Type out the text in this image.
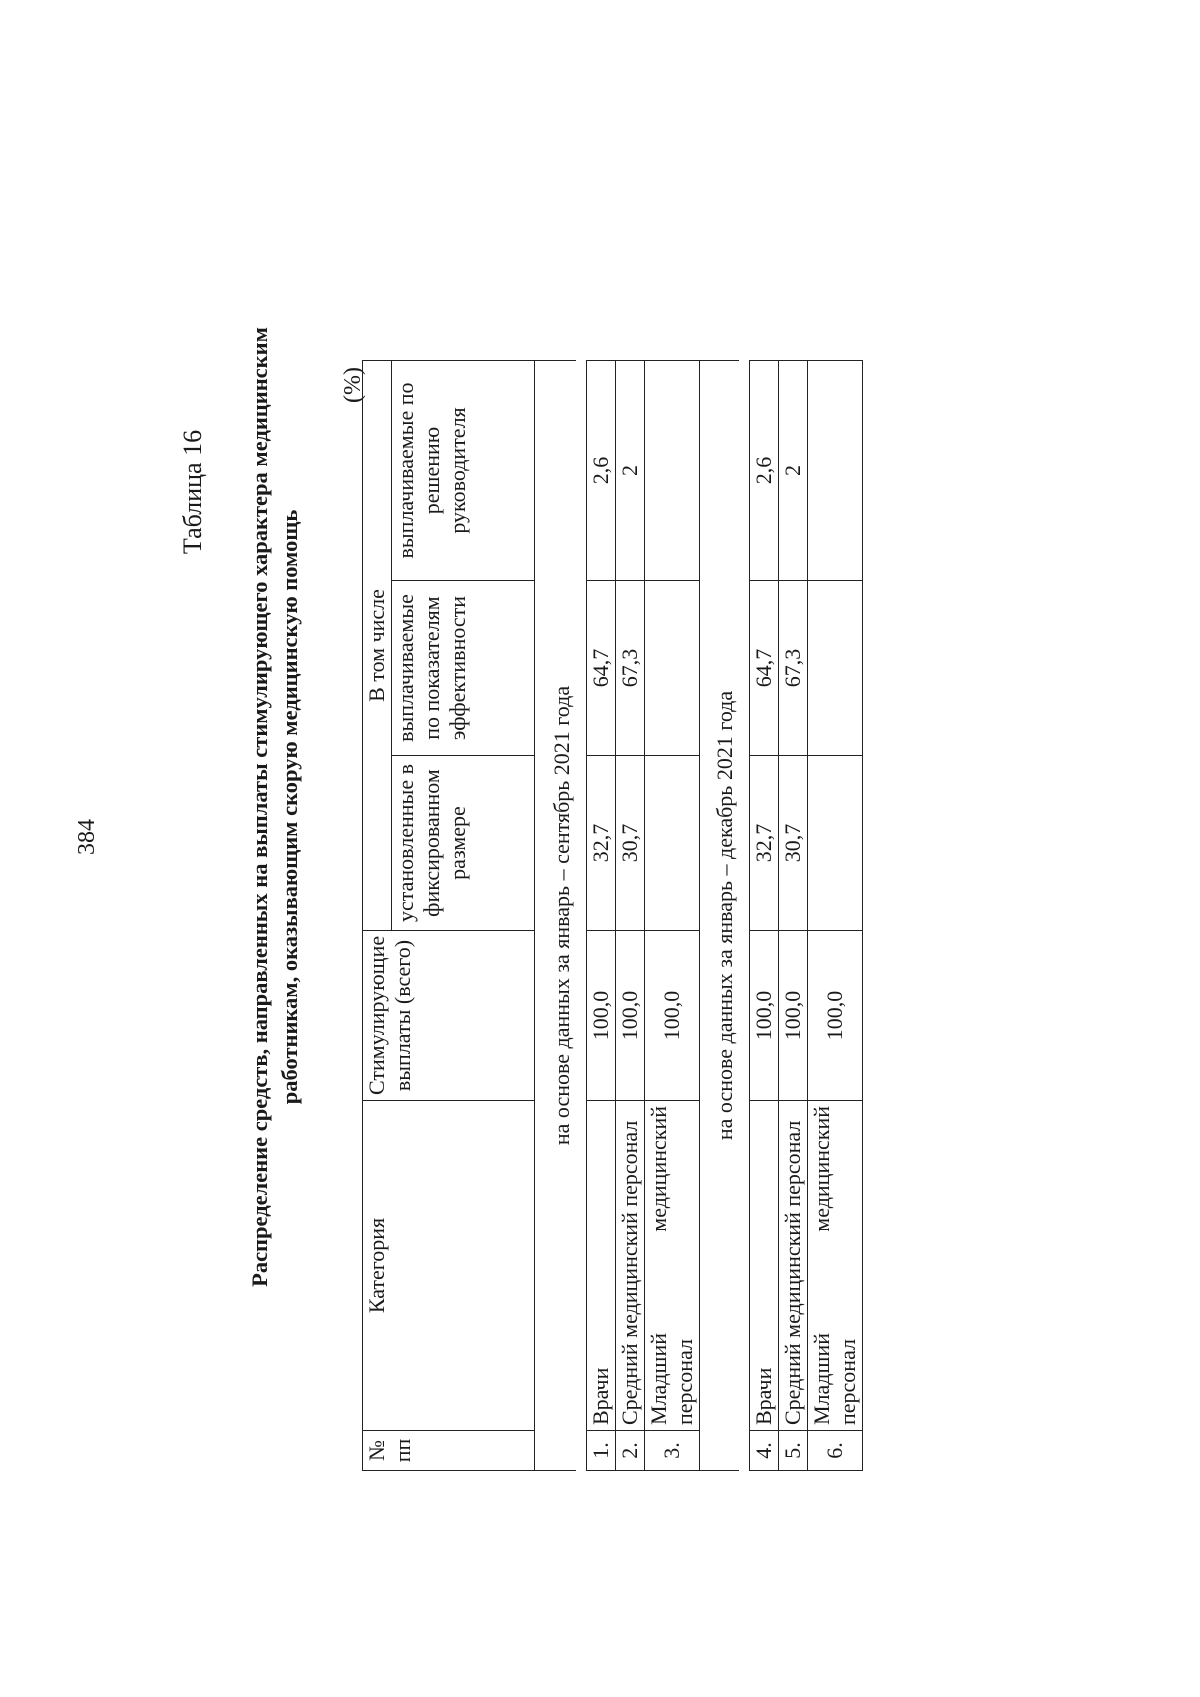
384
Таблица 16 Распределение средств, направленных на выплаты стимулирующего характера медицинским работникам, оказывающим скорую медицинскую помощь
(%)
№ пп	Категория	Стимулирующие выплаты (всего)	В том числе		
			установленные в фиксированном размере	выплачиваемые по показателям эффективности	выплачиваемые по решению руководителя
на основе данных за январь – сентябрь 2021 года					

1.	Врачи	100,0	32,7	64,7	2,6
2.	Средний медицинский персонал	100,0	30,7	67,3	2
3.	Младший
медицинский
персонал	100,0			
на основе данных за январь – декабрь 2021 года					

4.	Врачи	100,0	32,7	64,7	2,6
5.	Средний медицинский персонал	100,0	30,7	67,3	2
6.	Младший
медицинский
персонал	100,0			
